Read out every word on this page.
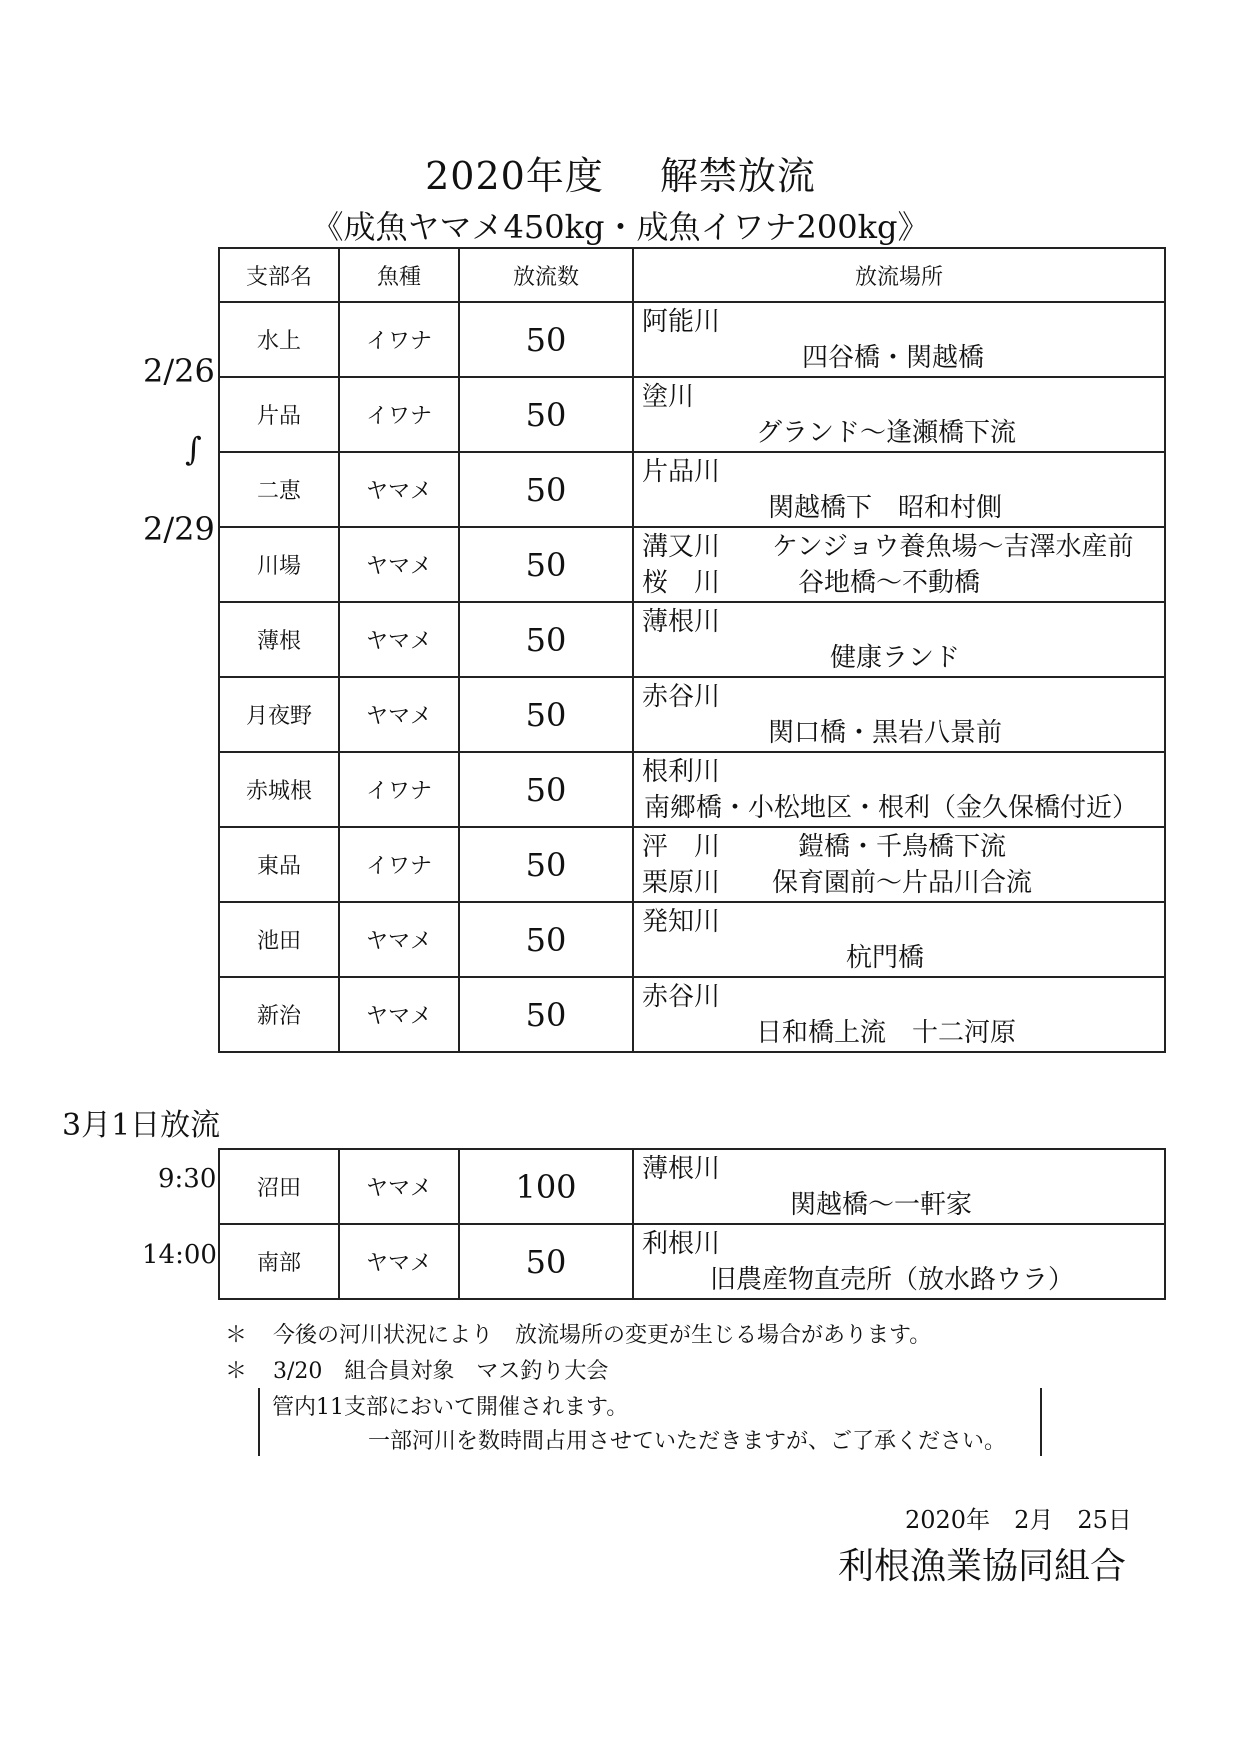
2020年度 解禁放流
《成魚ヤマメ450kg・成魚イワナ200kg》
2/26
∫
2/29
支部名	魚種	放流数	放流場所
水上	イワナ	50	阿能川
四谷橋・関越橋

片品	イワナ	50	塗川
グランド～逢瀬橋下流

二恵	ヤマメ	50	片品川
関越橋下　昭和村側

川場	ヤマメ	50	溝又川　　ケンジョウ養魚場～吉澤水産前
桜　川　　　谷地橋～不動橋

薄根	ヤマメ	50	薄根川
健康ランド

月夜野	ヤマメ	50	赤谷川
関口橋・黒岩八景前

赤城根	イワナ	50	根利川
南郷橋・小松地区・根利（金久保橋付近）

東品	イワナ	50	泙　川　　　鎧橋・千鳥橋下流
栗原川　　保育園前～片品川合流

池田	ヤマメ	50	発知川
杭門橋

新治	ヤマメ	50	赤谷川
日和橋上流　十二河原
3月1日放流
9:30
14:00
沼田	ヤマメ	100	薄根川
関越橋～一軒家

南部	ヤマメ	50	利根川
旧農産物直売所（放水路ウラ）
＊ 今後の河川状況により　放流場所の変更が生じる場合があります。
＊ 3/20　組合員対象　マス釣り大会
管内11支部において開催されます。
一部河川を数時間占用させていただきますが、ご了承ください。
2020年　2月　25日
利根漁業協同組合
